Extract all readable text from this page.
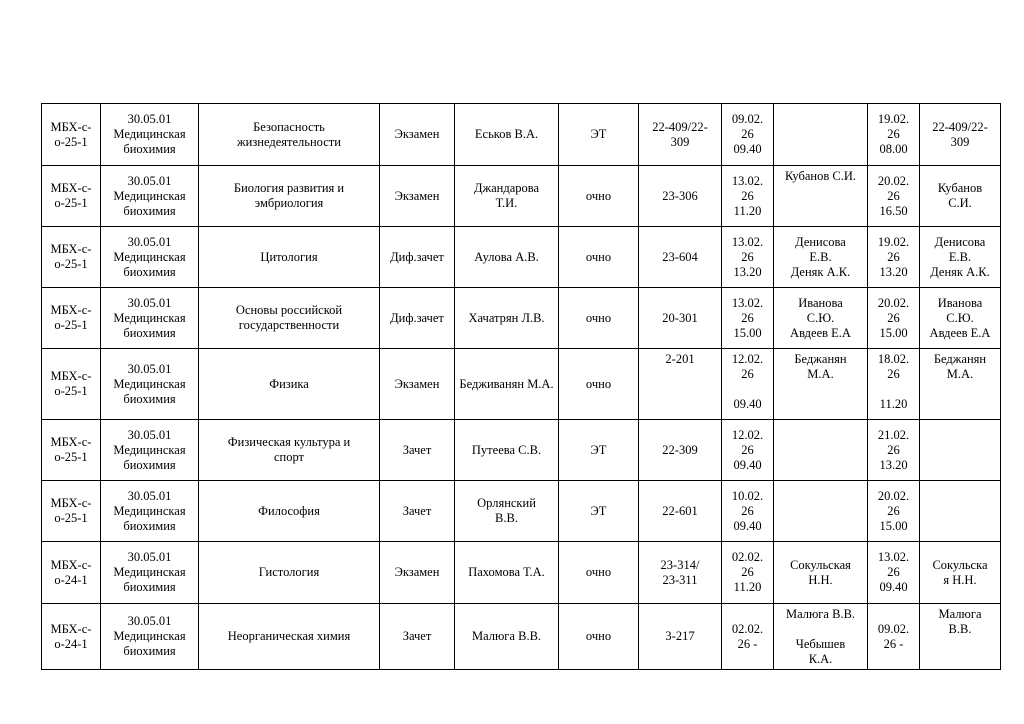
МБХ-с-
о-25-1	30.05.01
Медицинская
биохимия	Безопасность
жизнедеятельности	Экзамен	Еськов В.А.	ЭТ	22-409/22-
309	09.02.
26
09.40		19.02.
26
08.00	22-409/22-
309

МБХ-с-
о-25-1	30.05.01
Медицинская
биохимия	Биология развития и
эмбриология	Экзамен	Джандарова
Т.И.	очно	23-306	13.02.
26
11.20	Кубанов С.И.	20.02.
26
16.50	Кубанов
С.И.

МБХ-с-
о-25-1	30.05.01
Медицинская
биохимия	Цитология	Диф.зачет	Аулова А.В.	очно	23-604	13.02.
26
13.20	Денисова
Е.В.
Деняк А.К.	19.02.
26
13.20	Денисова
Е.В.
Деняк А.К.

МБХ-с-
о-25-1	30.05.01
Медицинская
биохимия	Основы российской
государственности	Диф.зачет	Хачатрян Л.В.	очно	20-301	13.02.
26
15.00	Иванова
С.Ю.
Авдеев Е.А	20.02.
26
15.00	Иванова
С.Ю.
Авдеев Е.А

МБХ-с-
о-25-1	30.05.01
Медицинская
биохимия	Физика	Экзамен	Бедживанян М.А.	очно	2-201	12.02.
26

09.40	Беджанян
М.А.	18.02.
26

11.20	Беджанян
М.А.

МБХ-с-
о-25-1	30.05.01
Медицинская
биохимия	Физическая культура и
спорт	Зачет	Путеева С.В.	ЭТ	22-309	12.02.
26
09.40		21.02.
26
13.20	

МБХ-с-
о-25-1	30.05.01
Медицинская
биохимия	Философия	Зачет	Орлянский
В.В.	ЭТ	22-601	10.02.
26
09.40		20.02.
26
15.00	

МБХ-с-
о-24-1	30.05.01
Медицинская
биохимия	Гистология	Экзамен	Пахомова Т.А.	очно	23-314/
23-311	02.02.
26
11.20	Сокульская
Н.Н.	13.02.
26
09.40	Сокульска
я Н.Н.

МБХ-с-
о-24-1	30.05.01
Медицинская
биохимия	Неорганическая химия	Зачет	Малюга В.В.	очно	3-217	02.02.
26 -	Малюга В.В.

Чебышев
К.А.	09.02.
26 -	Малюга
В.В.
